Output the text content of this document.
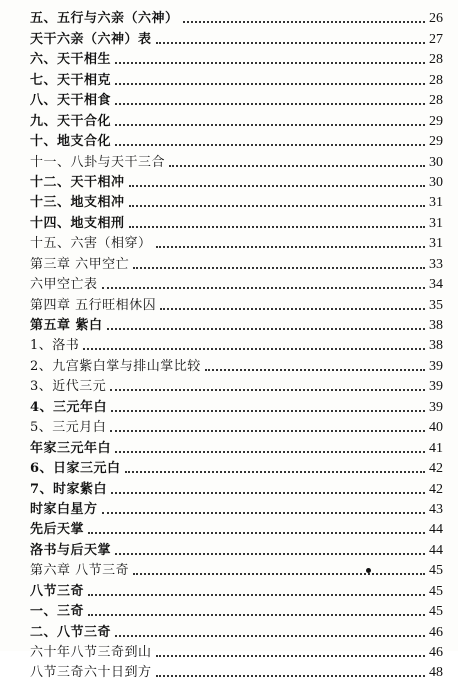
五、五行与六亲（六神）	26
天干六亲（六神）表	27
六、天干相生	28
七、天干相克	28
八、天干相食	28
九、天干合化	29
十、地支合化	29
十一、八卦与天干三合	30
十二、天干相冲	30
十三、地支相冲	31
十四、地支相刑	31
十五、六害（相穿）	31
第三章 六甲空亡	33
六甲空亡表	34
第四章 五行旺相休囚	35
第五章 紫白	38
1、洛书	38
2、九宫紫白掌与排山掌比较	39
3、近代三元	39
4、三元年白	39
5、三元月白	40
年家三元年白	41
6、日家三元白	42
7、时家紫白	42
时家白星方	43
先后天掌	44
洛书与后天掌	44
第六章 八节三奇	45
八节三奇	45
一、三奇	45
二、八节三奇	46
六十年八节三奇到山	46
八节三奇六十日到方	48
